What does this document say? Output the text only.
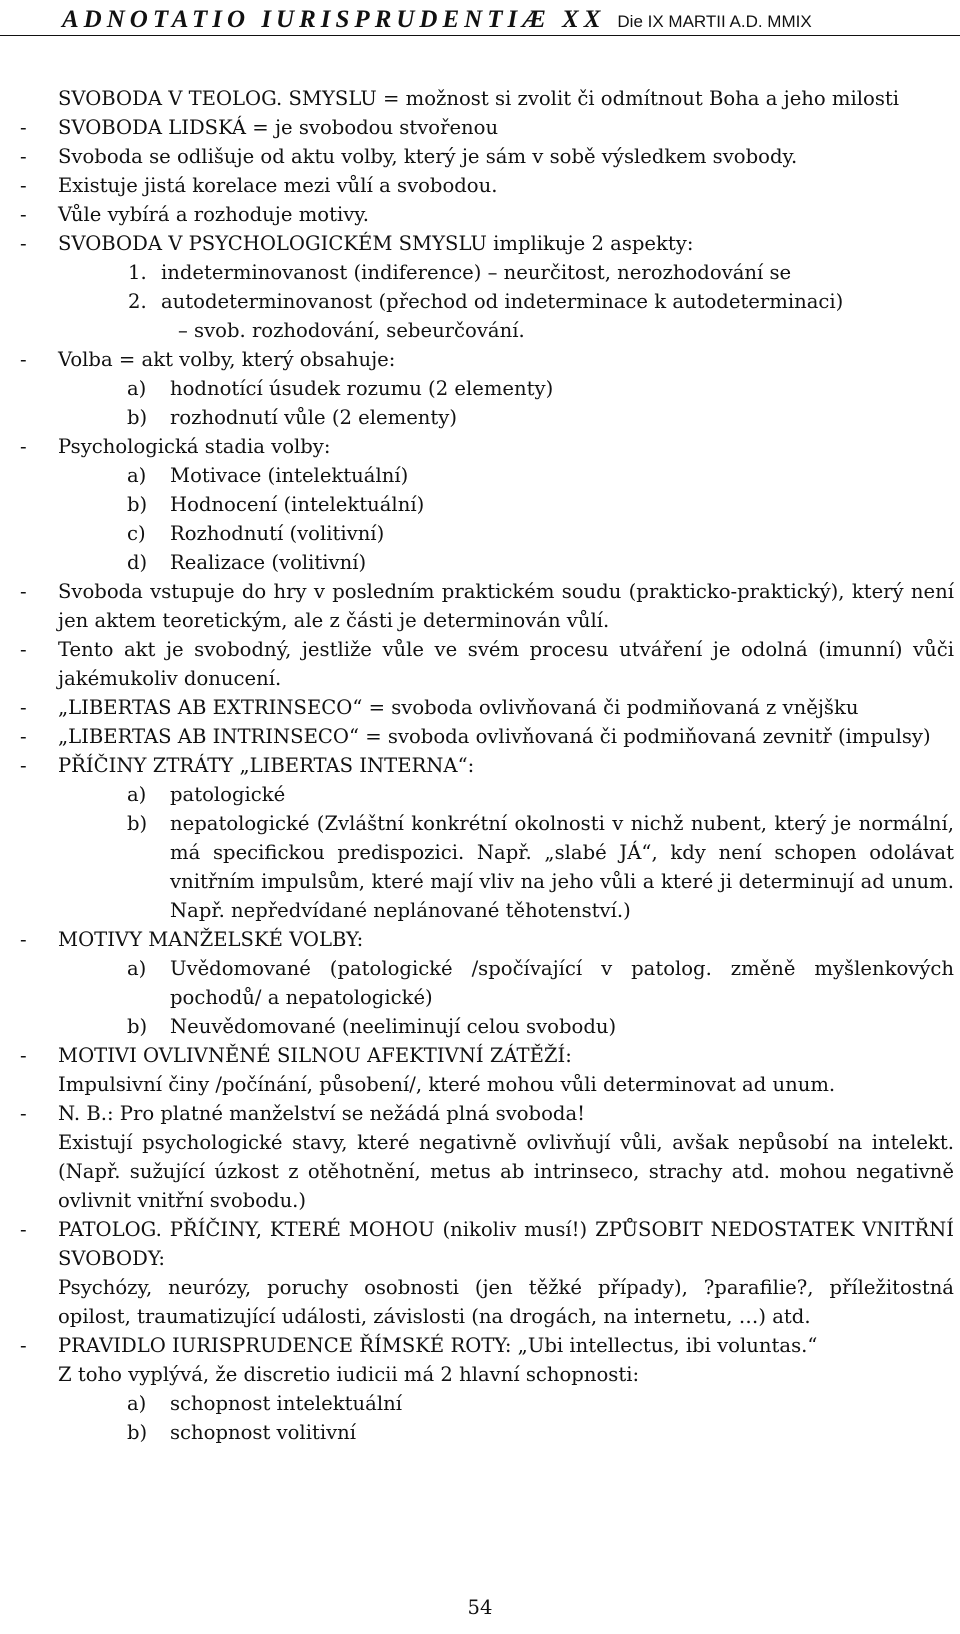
ADNOTATIO IURISPRUDENTIÆ XX Die IX MARTII A.D. MMIX
SVOBODA V TEOLOG. SMYSLU = možnost si zvolit či odmítnout Boha a jeho milosti
- SVOBODA LIDSKÁ = je svobodou stvořenou
- Svoboda se odlišuje od aktu volby, který je sám v sobě výsledkem svobody.
- Existuje jistá korelace mezi vůlí a svobodou.
- Vůle vybírá a rozhoduje motivy.
- SVOBODA V PSYCHOLOGICKÉM SMYSLU implikuje 2 aspekty:
1. indeterminovanost (indiference) – neurčitost, nerozhodování se
2. autodeterminovanost (přechod od indeterminace k autodeterminaci)
– svob. rozhodování, sebeurčování.
- Volba = akt volby, který obsahuje:
a) hodnotící úsudek rozumu (2 elementy)
b) rozhodnutí vůle (2 elementy)
- Psychologická stadia volby:
a) Motivace (intelektuální)
b) Hodnocení (intelektuální)
c) Rozhodnutí (volitivní)
d) Realizace (volitivní)
- Svoboda vstupuje do hry v posledním praktickém soudu (prakticko-praktický), který není jen aktem teoretickým, ale z části je determinován vůlí.
- Tento akt je svobodný, jestliže vůle ve svém procesu utváření je odolná (imunní) vůči jakémukoliv donucení.
- „LIBERTAS AB EXTRINSECO“ = svoboda ovlivňovaná či podmiňovaná z vnějšku
- „LIBERTAS AB INTRINSECO“ = svoboda ovlivňovaná či podmiňovaná zevnitř (impulsy)
- PŘÍČINY ZTRÁTY „LIBERTAS INTERNA“:
a) patologické
b) nepatologické (Zvláštní konkrétní okolnosti v nichž nubent, který je normální, má specifickou predispozici. Např. „slabé JÁ“, kdy není schopen odolávat vnitřním impulsům, které mají vliv na jeho vůli a které ji determinují ad unum. Např. nepředvídané neplánované těhotenství.)
- MOTIVY MANŽELSKÉ VOLBY:
a) Uvědomované (patologické /spočívající v patolog. změně myšlenkových pochodů/ a nepatologické)
b) Neuvědomované (neeliminují celou svobodu)
- MOTIVI OVLIVNĚNÉ SILNOU AFEKTIVNÍ ZÁTĚŽÍ:
Impulsivní činy /počínání, působení/, které mohou vůli determinovat ad unum.
- N. B.: Pro platné manželství se nežádá plná svoboda!
Existují psychologické stavy, které negativně ovlivňují vůli, avšak nepůsobí na intelekt. (Např. sužující úzkost z otěhotnění, metus ab intrinseco, strachy atd. mohou negativně ovlivnit vnitřní svobodu.)
- PATOLOG. PŘÍČINY, KTERÉ MOHOU (nikoliv musí!) ZPŮSOBIT NEDOSTATEK VNITŘNÍ SVOBODY:
Psychózy, neurózy, poruchy osobnosti (jen těžké případy), ?parafilie?, příležitostná opilost, traumatizující události, závislosti (na drogách, na internetu, …) atd.
- PRAVIDLO IURISPRUDENCE ŘÍMSKÉ ROTY: „Ubi intellectus, ibi voluntas.“
Z toho vyplývá, že discretio iudicii má 2 hlavní schopnosti:
a) schopnost intelektuální
b) schopnost volitivní
54
